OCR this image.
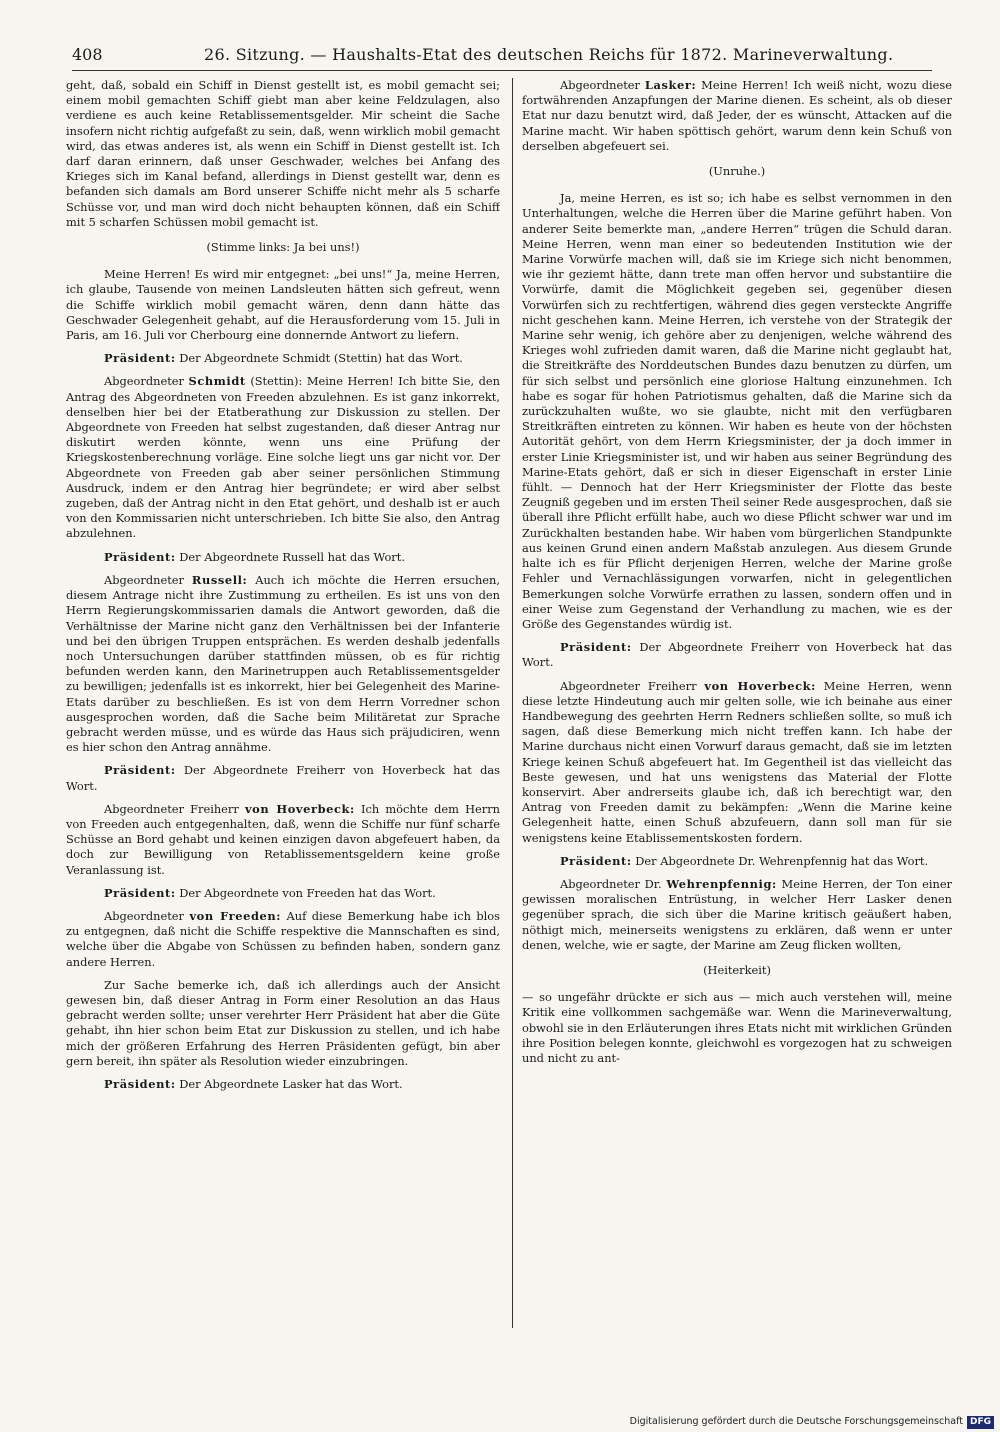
408	26. Sitzung. — Haushalts-Etat des deutschen Reichs für 1872. Marineverwaltung.

geht, daß, sobald ein Schiff in Dienst gestellt ist, es mobil gemacht sei; einem mobil gemachten Schiff giebt man aber keine Feldzulagen, also verdiene es auch keine Retablissementsgelder. Mir scheint die Sache insofern nicht richtig aufgefaßt zu sein, daß, wenn wirklich mobil gemacht wird, das etwas anderes ist, als wenn ein Schiff in Dienst gestellt ist. Ich darf daran erinnern, daß unser Geschwader, welches bei Anfang des Krieges sich im Kanal befand, allerdings in Dienst gestellt war, denn es befanden sich damals am Bord unserer Schiffe nicht mehr als 5 scharfe Schüsse vor, und man wird doch nicht behaupten können, daß ein Schiff mit 5 scharfen Schüssen mobil gemacht ist.

(Stimme links: Ja bei uns!)

Meine Herren! Es wird mir entgegnet: „bei uns!“ Ja, meine Herren, ich glaube, Tausende von meinen Landsleuten hätten sich gefreut, wenn die Schiffe wirklich mobil gemacht wären, denn dann hätte das Geschwader Gelegenheit gehabt, auf die Herausforderung vom 15. Juli in Paris, am 16. Juli vor Cherbourg eine donnernde Antwort zu liefern.

Präsident: Der Abgeordnete Schmidt (Stettin) hat das Wort.

Abgeordneter Schmidt (Stettin): Meine Herren! Ich bitte Sie, den Antrag des Abgeordneten von Freeden abzulehnen. Es ist ganz inkorrekt, denselben hier bei der Etatberathung zur Diskussion zu stellen. Der Abgeordnete von Freeden hat selbst zugestanden, daß dieser Antrag nur diskutirt werden könnte, wenn uns eine Prüfung der Kriegskostenberechnung vorläge. Eine solche liegt uns gar nicht vor. Der Abgeordnete von Freeden gab aber seiner persönlichen Stimmung Ausdruck, indem er den Antrag hier begründete; er wird aber selbst zugeben, daß der Antrag nicht in den Etat gehört, und deshalb ist er auch von den Kommissarien nicht unterschrieben. Ich bitte Sie also, den Antrag abzulehnen.

Präsident: Der Abgeordnete Russell hat das Wort.

Abgeordneter Russell: Auch ich möchte die Herren ersuchen, diesem Antrage nicht ihre Zustimmung zu ertheilen. Es ist uns von den Herrn Regierungskommissarien damals die Antwort geworden, daß die Verhältnisse der Marine nicht ganz den Verhältnissen bei der Infanterie und bei den übrigen Truppen entsprächen. Es werden deshalb jedenfalls noch Untersuchungen darüber stattfinden müssen, ob es für richtig befunden werden kann, den Marinetruppen auch Retablissementsgelder zu bewilligen; jedenfalls ist es inkorrekt, hier bei Gelegenheit des Marine-Etats darüber zu beschließen. Es ist von dem Herrn Vorredner schon ausgesprochen worden, daß die Sache beim Militäretat zur Sprache gebracht werden müsse, und es würde das Haus sich präjudiciren, wenn es hier schon den Antrag annähme.

Präsident: Der Abgeordnete Freiherr von Hoverbeck hat das Wort.

Abgeordneter Freiherr von Hoverbeck: Ich möchte dem Herrn von Freeden auch entgegenhalten, daß, wenn die Schiffe nur fünf scharfe Schüsse an Bord gehabt und keinen einzigen davon abgefeuert haben, da doch zur Bewilligung von Retablissementsgeldern keine große Veranlassung ist.

Präsident: Der Abgeordnete von Freeden hat das Wort.

Abgeordneter von Freeden: Auf diese Bemerkung habe ich blos zu entgegnen, daß nicht die Schiffe respektive die Mannschaften es sind, welche über die Abgabe von Schüssen zu befinden haben, sondern ganz andere Herren.

Zur Sache bemerke ich, daß ich allerdings auch der Ansicht gewesen bin, daß dieser Antrag in Form einer Resolution an das Haus gebracht werden sollte; unser verehrter Herr Präsident hat aber die Güte gehabt, ihn hier schon beim Etat zur Diskussion zu stellen, und ich habe mich der größeren Erfahrung des Herren Präsidenten gefügt, bin aber gern bereit, ihn später als Resolution wieder einzubringen.

Präsident: Der Abgeordnete Lasker hat das Wort.

Abgeordneter Lasker: Meine Herren! Ich weiß nicht, wozu diese fortwährenden Anzapfungen der Marine dienen. Es scheint, als ob dieser Etat nur dazu benutzt wird, daß Jeder, der es wünscht, Attacken auf die Marine macht. Wir haben spöttisch gehört, warum denn kein Schuß von derselben abgefeuert sei.

(Unruhe.)

Ja, meine Herren, es ist so; ich habe es selbst vernommen in den Unterhaltungen, welche die Herren über die Marine geführt haben. Von anderer Seite bemerkte man, „andere Herren“ trügen die Schuld daran. Meine Herren, wenn man einer so bedeutenden Institution wie der Marine Vorwürfe machen will, daß sie im Kriege sich nicht benommen, wie ihr geziemt hätte, dann trete man offen hervor und substantiire die Vorwürfe, damit die Möglichkeit gegeben sei, gegenüber diesen Vorwürfen sich zu rechtfertigen, während dies gegen versteckte Angriffe nicht geschehen kann. Meine Herren, ich verstehe von der Strategik der Marine sehr wenig, ich gehöre aber zu denjenigen, welche während des Krieges wohl zufrieden damit waren, daß die Marine nicht geglaubt hat, die Streitkräfte des Norddeutschen Bundes dazu benutzen zu dürfen, um für sich selbst und persönlich eine gloriose Haltung einzunehmen. Ich habe es sogar für hohen Patriotismus gehalten, daß die Marine sich da zurückzuhalten wußte, wo sie glaubte, nicht mit den verfügbaren Streitkräften eintreten zu können. Wir haben es heute von der höchsten Autorität gehört, von dem Herrn Kriegsminister, der ja doch immer in erster Linie Kriegsminister ist, und wir haben aus seiner Begründung des Marine-Etats gehört, daß er sich in dieser Eigenschaft in erster Linie fühlt. — Dennoch hat der Herr Kriegsminister der Flotte das beste Zeugniß gegeben und im ersten Theil seiner Rede ausgesprochen, daß sie überall ihre Pflicht erfüllt habe, auch wo diese Pflicht schwer war und im Zurückhalten bestanden habe. Wir haben vom bürgerlichen Standpunkte aus keinen Grund einen andern Maßstab anzulegen. Aus diesem Grunde halte ich es für Pflicht derjenigen Herren, welche der Marine große Fehler und Vernachlässigungen vorwarfen, nicht in gelegentlichen Bemerkungen solche Vorwürfe errathen zu lassen, sondern offen und in einer Weise zum Gegenstand der Verhandlung zu machen, wie es der Größe des Gegenstandes würdig ist.

Präsident: Der Abgeordnete Freiherr von Hoverbeck hat das Wort.

Abgeordneter Freiherr von Hoverbeck: Meine Herren, wenn diese letzte Hindeutung auch mir gelten solle, wie ich beinahe aus einer Handbewegung des geehrten Herrn Redners schließen sollte, so muß ich sagen, daß diese Bemerkung mich nicht treffen kann. Ich habe der Marine durchaus nicht einen Vorwurf daraus gemacht, daß sie im letzten Kriege keinen Schuß abgefeuert hat. Im Gegentheil ist das vielleicht das Beste gewesen, und hat uns wenigstens das Material der Flotte konservirt. Aber andrerseits glaube ich, daß ich berechtigt war, den Antrag von Freeden damit zu bekämpfen: „Wenn die Marine keine Gelegenheit hatte, einen Schuß abzufeuern, dann soll man für sie wenigstens keine Etablissementskosten fordern.

Präsident: Der Abgeordnete Dr. Wehrenpfennig hat das Wort.

Abgeordneter Dr. Wehrenpfennig: Meine Herren, der Ton einer gewissen moralischen Entrüstung, in welcher Herr Lasker denen gegenüber sprach, die sich über die Marine kritisch geäußert haben, nöthigt mich, meinerseits wenigstens zu erklären, daß wenn er unter denen, welche, wie er sagte, der Marine am Zeug flicken wollten,

(Heiterkeit)

— so ungefähr drückte er sich aus — mich auch verstehen will, meine Kritik eine vollkommen sachgemäße war. Wenn die Marineverwaltung, obwohl sie in den Erläuterungen ihres Etats nicht mit wirklichen Gründen ihre Position belegen konnte, gleichwohl es vorgezogen hat zu schweigen und nicht zu ant-

Digitalisierung gefördert durch die Deutsche Forschungsgemeinschaft DFG
